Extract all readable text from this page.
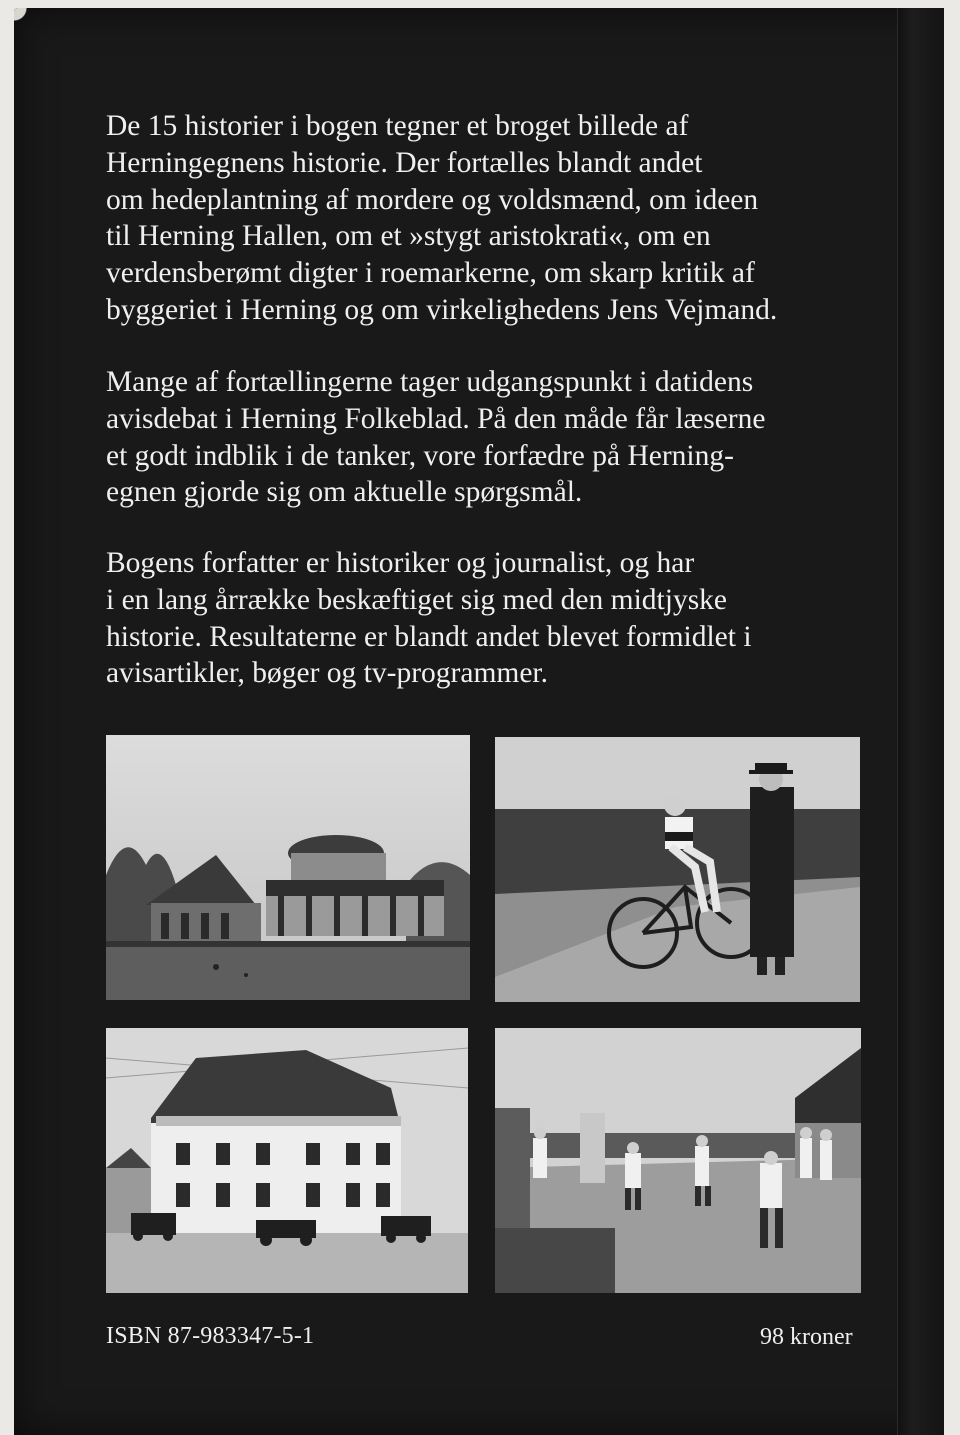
De 15 historier i bogen tegner et broget billede af
Herningegnens historie. Der fortælles blandt andet
om hedeplantning af mordere og voldsmænd, om ideen
til Herning Hallen, om et »stygt aristokrati«, om en
verdensberømt digter i roemarkerne, om skarp kritik af
byggeriet i Herning og om virkelighedens Jens Vejmand.

Mange af fortællingerne tager udgangspunkt i datidens
avisdebat i Herning Folkeblad. På den måde får læserne
et godt indblik i de tanker, vore forfædre på Herning-
egnen gjorde sig om aktuelle spørgsmål.

Bogens forfatter er historiker og journalist, og har
i en lang årrække beskæftiget sig med den midtjyske
historie. Resultaterne er blandt andet blevet formidlet i
avisartikler, bøger og tv-programmer.

ISBN 87-983347-5-1	98 kroner
